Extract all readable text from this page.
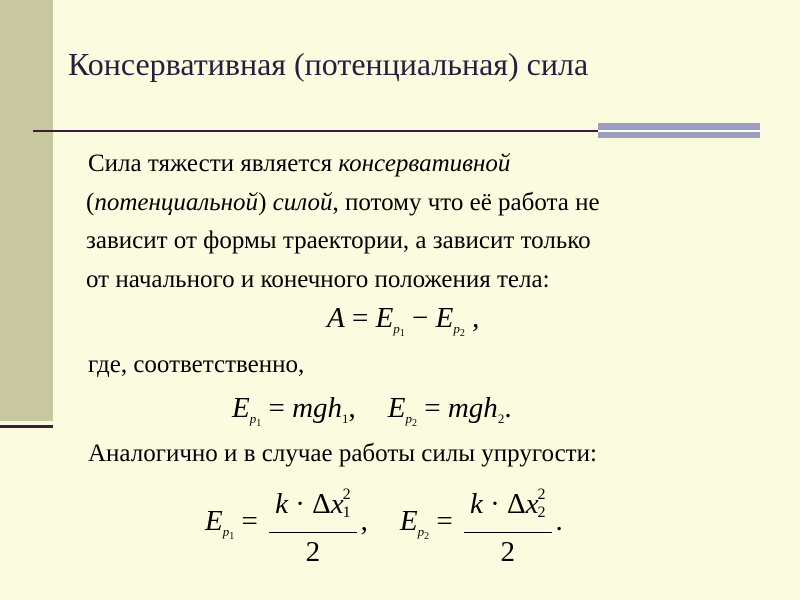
Консервативная (потенциальная) сила
Сила тяжести является консервативной
(потенциальной) силой, потому что её работа не
зависит от формы траектории, а зависит только
от начального и конечного положения тела:
$A = E_{p_1} - E_{p_2}$ ,
где, соответственно,
$E_{p_1} = mgh_1$, $E_{p_2} = mgh_2$.
Аналогично и в случае работы силы упругости:
$E_{p_1} = \frac{k \cdot \Delta x^2_1}{2}$ , $E_{p_2} = \frac{k \cdot \Delta x^2_2}{2}$ .
